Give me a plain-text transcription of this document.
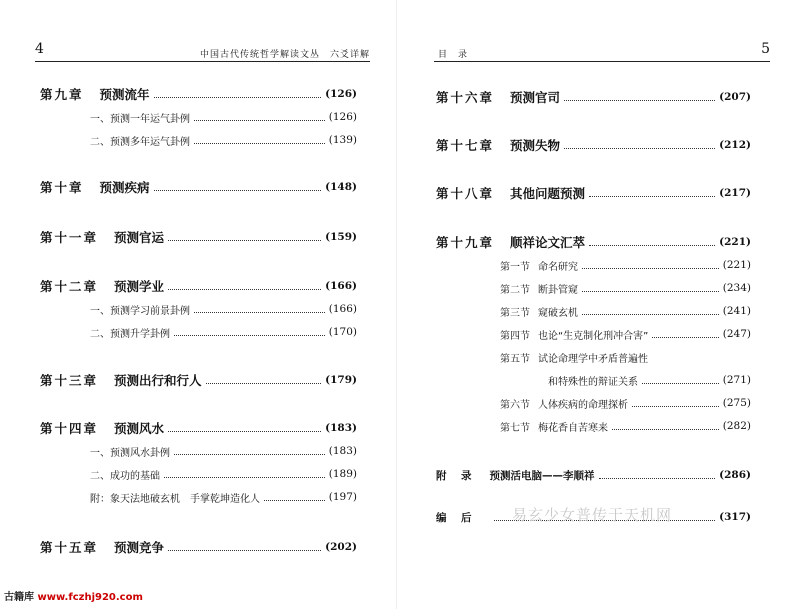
4	中国古代传统哲学解读文丛　六爻详解
第九章 预测流年	(126)
一、预测一年运气卦例	(126)
二、预测多年运气卦例	(139)
第十章 预测疾病	(148)
第十一章 预测官运	(159)
第十二章 预测学业	(166)
一、预测学习前景卦例	(166)
二、预测升学卦例	(170)
第十三章 预测出行和行人	(179)
第十四章 预测风水	(183)
一、预测风水卦例	(183)
二、成功的基础	(189)
附：象天法地破玄机　手掌乾坤造化人	(197)
第十五章 预测竞争	(202)
目　录	5
第十六章 预测官司	(207)
第十七章 预测失物	(212)
第十八章 其他问题预测	(217)
第十九章 顺祥论文汇萃	(221)
第一节 命名研究	(221)
第二节 断卦管窥	(234)
第三节 窥破玄机	(241)
第四节 也论“生克制化刑冲合害”	(247)
第五节 试论命理学中矛盾普遍性
和特殊性的辩证关系	(271)
第六节 人体疾病的命理探析	(275)
第七节 梅花香自苦寒来	(282)
附　录 预测活电脑——李顺祥	(286)
编　后	(317)
易玄少女普传于天机网
古籍库 www.fczhj920.com
